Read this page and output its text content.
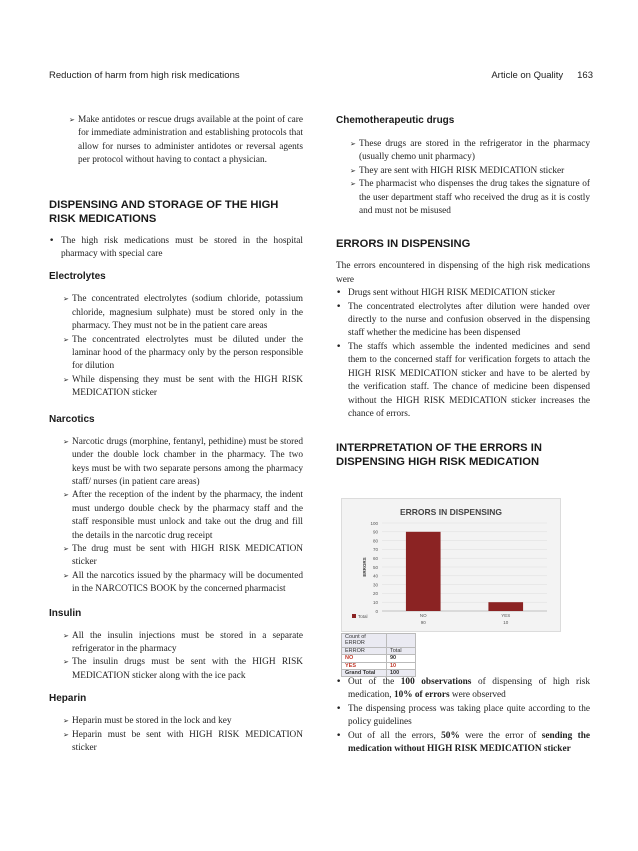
Reduction of harm from high risk medications	Article on Quality 163

➢ Make antidotes or rescue drugs available at the point of care for immediate administration and establishing protocols that allow for nurses to administer antidotes or reversal agents per protocol without having to contact a physician.

DISPENSING AND STORAGE OF THE HIGH RISK MEDICATIONS
• The high risk medications must be stored in the hospital pharmacy with special care
Electrolytes

➢ The concentrated electrolytes (sodium chloride, potassium chloride, magnesium sulphate) must be stored only in the pharmacy. They must not be in the patient care areas

➢ The concentrated electrolytes must be diluted under the laminar hood of the pharmacy only by the person responsible for dilution

➢ While dispensing they must be sent with the HIGH RISK MEDICATION sticker

Narcotics

➢ Narcotic drugs (morphine, fentanyl, pethidine) must be stored under the double lock chamber in the pharmacy. The two keys must be with two separate persons among the pharmacy staff/ nurses (in patient care areas)

➢ After the reception of the indent by the pharmacy, the indent must undergo double check by the pharmacy staff and the staff responsible must unlock and take out the drug and fill the details in the narcotic drug receipt

➢ The drug must be sent with HIGH RISK MEDICATION sticker

➢ All the narcotics issued by the pharmacy will be documented in the NARCOTICS BOOK by the concerned pharmacist

Insulin

➢ All the insulin injections must be stored in a separate refrigerator in the pharmacy

➢ The insulin drugs must be sent with the HIGH RISK MEDICATION sticker along with the ice pack

Heparin

➢ Heparin must be stored in the lock and key

➢ Heparin must be sent with HIGH RISK MEDICATION sticker

Chemotherapeutic drugs

➢ These drugs are stored in the refrigerator in the pharmacy (usually chemo unit pharmacy)

➢ They are sent with HIGH RISK MEDICATION sticker

➢ The pharmacist who dispenses the drug takes the signature of the user department staff who received the drug as it is costly and must not be misused

ERRORS IN DISPENSING

The errors encountered in dispensing of the high risk medications were

• Drugs sent without HIGH RISK MEDICATION sticker
• The concentrated electrolytes after dilution were handed over directly to the nurse and confusion observed in the dispensing staff whether the medicine has been dispensed
• The staffs which assemble the indented medicines and send them to the concerned staff for verification forgets to attach the HIGH RISK MEDICATION sticker and have to be alerted by the verification staff. The chance of medicine been dispensed without the HIGH RISK MEDICATION sticker increases the chance of errors.
INTERPRETATION OF THE ERRORS IN DISPENSING HIGH RISK MEDICATION
ERRORS IN DISPENSING
0
10
20
30
40
50
60
70
80
90
100
ERRORS
NO
90
YES
10
Total
Count of ERROR	
ERROR	Total
NO	90
YES	10
Grand Total	100
• Out of the 100 observations of dispensing of high risk medication, 10% of errors were observed
• The dispensing process was taking place quite according to the policy guidelines
• Out of all the errors, 50% were the error of sending the medication without HIGH RISK MEDICATION sticker
